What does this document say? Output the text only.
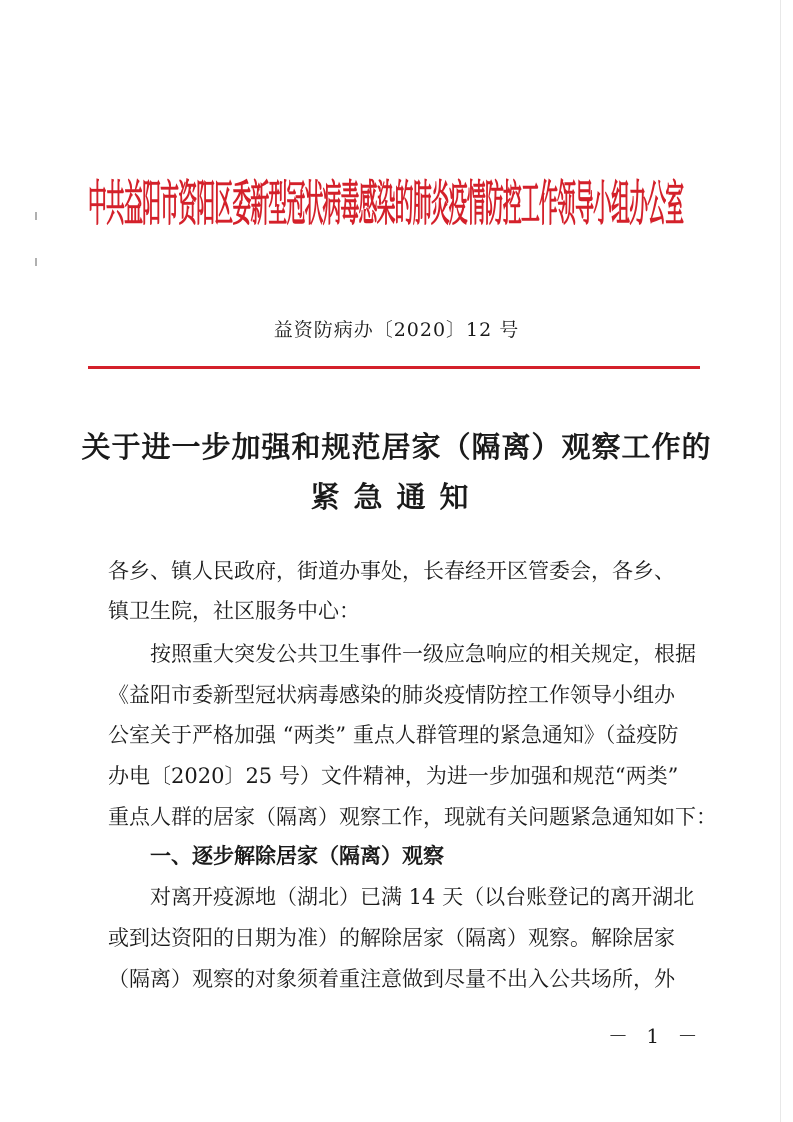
中共益阳市资阳区委新型冠状病毒感染的肺炎疫情防控工作领导小组办公室
益资防病办〔2020〕12 号
关于进一步加强和规范居家（隔离）观察工作的
紧急通知
各乡、镇人民政府，街道办事处，长春经开区管委会，各乡、
镇卫生院，社区服务中心：
按照重大突发公共卫生事件一级应急响应的相关规定，根据
《益阳市委新型冠状病毒感染的肺炎疫情防控工作领导小组办
公室关于严格加强 “两类” 重点人群管理的紧急通知》（益疫防
办电〔2020〕25 号）文件精神，为进一步加强和规范“两类”
重点人群的居家（隔离）观察工作，现就有关问题紧急通知如下：
一、逐步解除居家（隔离）观察
对离开疫源地（湖北）已满 14 天（以台账登记的离开湖北
或到达资阳的日期为准）的解除居家（隔离）观察。解除居家
（隔离）观察的对象须着重注意做到尽量不出入公共场所，外
－ 1 －
